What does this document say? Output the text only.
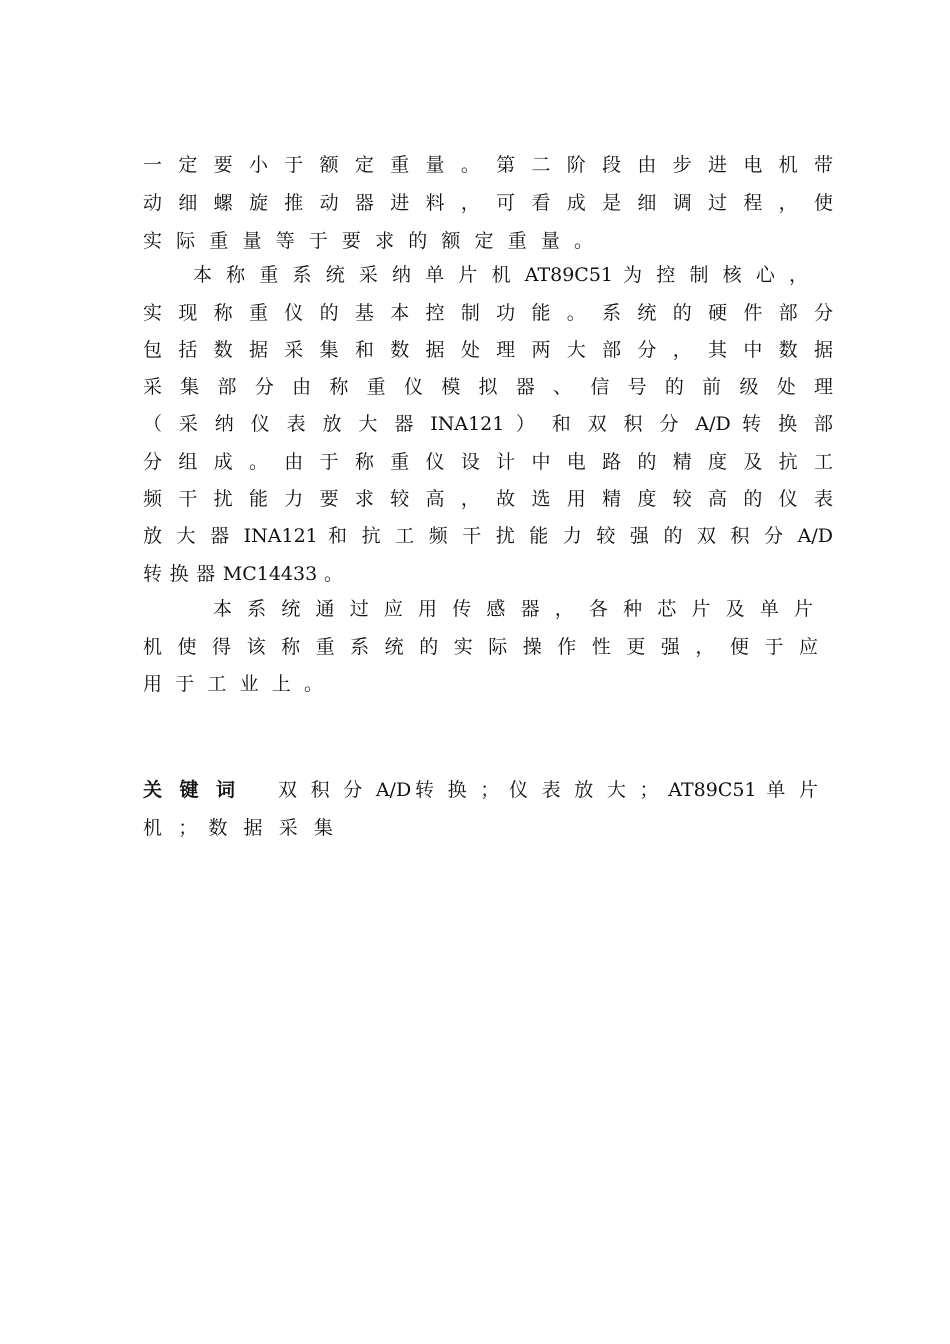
一 定 要 小 于 额 定 重 量 。 第 二 阶 段 由 步 进 电 机 带
动 细 螺 旋 推 动 器 进 料 ， 可 看 成 是 细 调 过 程 ， 使
实 际 重 量 等 于 要 求 的 额 定 重 量 。
本 称 重 系 统 采 纳 单 片 机 AT89C51 为 控 制 核 心 ，
实 现 称 重 仪 的 基 本 控 制 功 能 。 系 统 的 硬 件 部 分
包 括 数 据 采 集 和 数 据 处 理 两 大 部 分 ， 其 中 数 据
采 集 部 分 由 称 重 仪 模 拟 器 、 信 号 的 前 级 处 理
（ 采 纳 仪 表 放 大 器 INA121 ） 和 双 积 分 A/D 转 换 部
分 组 成 。 由 于 称 重 仪 设 计 中 电 路 的 精 度 及 抗 工
频 干 扰 能 力 要 求 较 高 ， 故 选 用 精 度 较 高 的 仪 表
放 大 器 INA121 和 抗 工 频 干 扰 能 力 较 强 的 双 积 分 A/D
转 换 器 MC14433 。
本 系 统 通 过 应 用 传 感 器 ， 各 种 芯 片 及 单 片
机 使 得 该 称 重 系 统 的 实 际 操 作 性 更 强 ， 便 于 应
用 于 工 业 上 。
关 键 词 双 积 分 A/D转 换 ； 仪 表 放 大 ； AT89C51 单 片
机 ； 数 据 采 集
